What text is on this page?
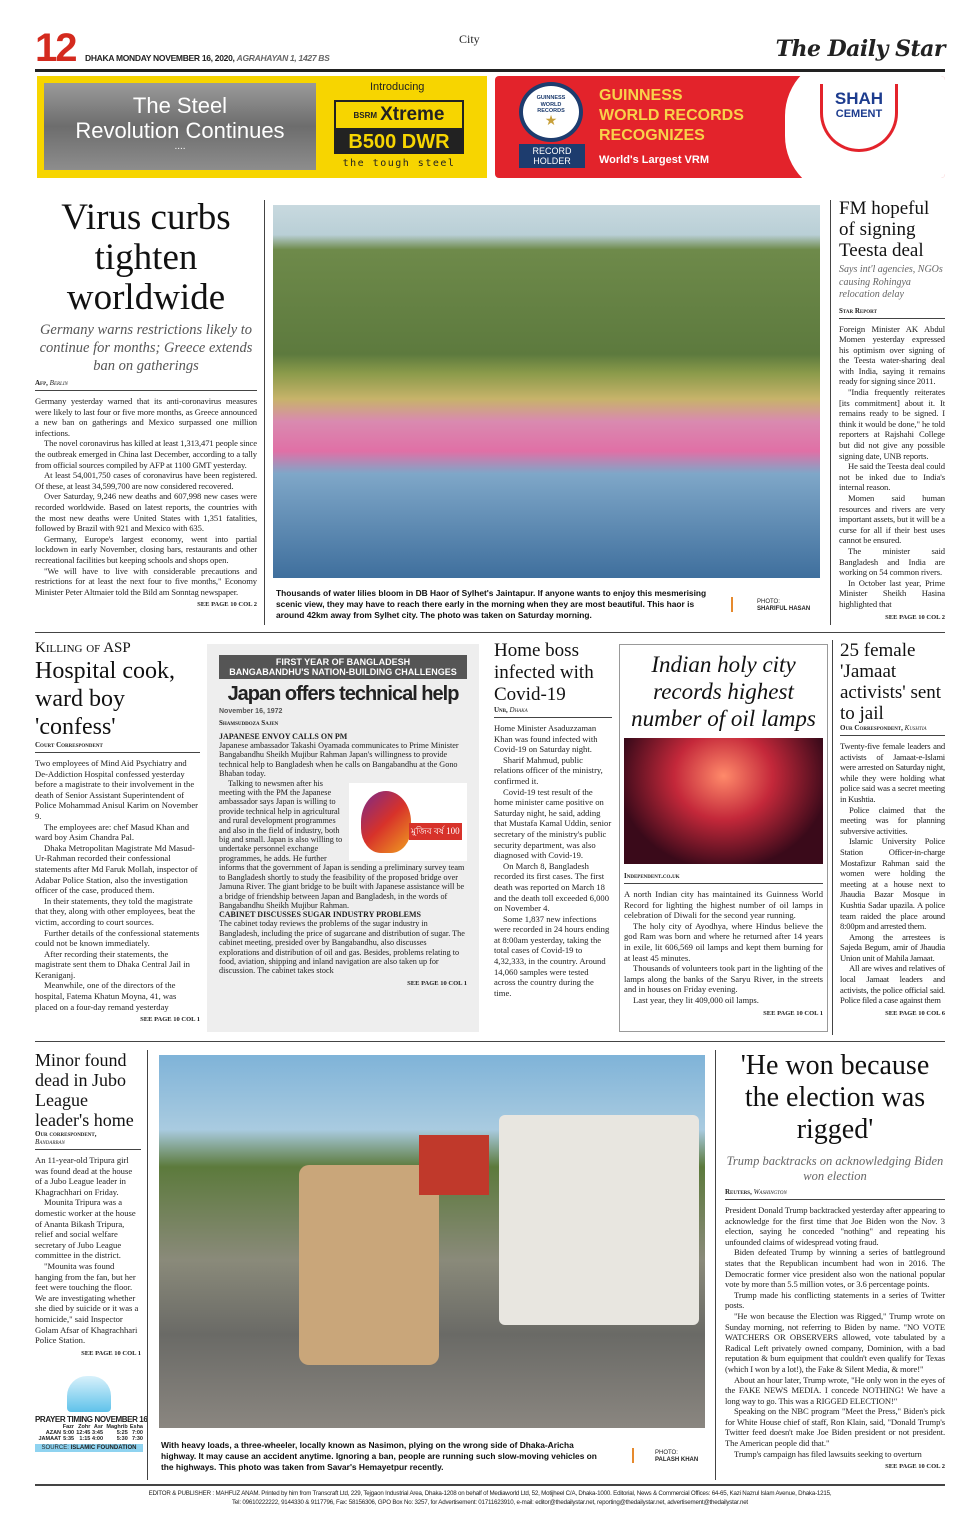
12 DHAKA MONDAY NOVEMBER 16, 2020, AGRAHAYAN 1, 1427 BS
City	The Daily Star
The Steel
Revolution Continues
....
Introducing
BSRM Xtreme
B500 DWR
the tough steel
GUINNESS WORLD RECORDS
★
RECORD
HOLDER
GUINNESS
WORLD RECORDS
RECOGNIZES
World's Largest VRM
SHAH
CEMENT
Virus curbs tighten worldwide
Germany warns restrictions likely to continue for months; Greece extends ban on gatherings
Afp, Berlin

Germany yesterday warned that its anti-coronavirus measures were likely to last four or five more months, as Greece announced a new ban on gatherings and Mexico surpassed one million infections.

The novel coronavirus has killed at least 1,313,471 people since the outbreak emerged in China last December, according to a tally from official sources compiled by AFP at 1100 GMT yesterday.

At least 54,001,750 cases of coronavirus have been registered. Of these, at least 34,599,700 are now considered recovered.

Over Saturday, 9,246 new deaths and 607,998 new cases were recorded worldwide. Based on latest reports, the countries with the most new deaths were United States with 1,351 fatalities, followed by Brazil with 921 and Mexico with 635.

Germany, Europe's largest economy, went into partial lockdown in early November, closing bars, restaurants and other recreational facilities but keeping schools and shops open.

"We will have to live with considerable precautions and restrictions for at least the next four to five months," Economy Minister Peter Altmaier told the Bild am Sonntag newspaper.

SEE PAGE 10 COL 2
Thousands of water lilies bloom in DB Haor of Sylhet's Jaintapur. If anyone wants to enjoy this mesmerising scenic view, they may have to reach there early in the morning when they are most beautiful. This haor is around 42km away from Sylhet city. The photo was taken on Saturday morning.
PHOTO:
SHARIFUL HASAN
FM hopeful of signing Teesta deal
Says int'l agencies, NGOs causing Rohingya relocation delay
Star Report

Foreign Minister AK Abdul Momen yesterday expressed his optimism over signing of the Teesta water-sharing deal with India, saying it remains ready for signing since 2011.

"India frequently reiterates [its commitment] about it. It remains ready to be signed. I think it would be done," he told reporters at Rajshahi College but did not give any possible signing date, UNB reports.

He said the Teesta deal could not be inked due to India's internal reason.

Momen said human resources and rivers are very important assets, but it will be a curse for all if their best uses cannot be ensured.

The minister said Bangladesh and India are working on 54 common rivers.

In October last year, Prime Minister Sheikh Hasina highlighted that

SEE PAGE 10 COL 2
Killing of ASP
Hospital cook, ward boy 'confess'
Court Correspondent

Two employees of Mind Aid Psychiatry and De-Addiction Hospital confessed yesterday before a magistrate to their involvement in the death of Senior Assistant Superintendent of Police Mohammad Anisul Karim on November 9.

The employees are: chef Masud Khan and ward boy Asim Chandra Pal.

Dhaka Metropolitan Magistrate Md Masud-Ur-Rahman recorded their confessional statements after Md Faruk Mollah, inspector of Adabar Police Station, also the investigation officer of the case, produced them.

In their statements, they told the magistrate that they, along with other employees, beat the victim, according to court sources.

Further details of the confessional statements could not be known immediately.

After recording their statements, the magistrate sent them to Dhaka Central Jail in Keraniganj.

Meanwhile, one of the directors of the hospital, Fatema Khatun Moyna, 41, was placed on a four-day remand yesterday

SEE PAGE 10 COL 1
FIRST YEAR OF BANGLADESH
BANGABANDHU'S NATION-BUILDING CHALLENGES
Japan offers technical help
November 16, 1972
Shamsuddoza Sajen
JAPANESE ENVOY CALLS ON PM

Japanese ambassador Takashi Oyamada communicates to Prime Minister Bangabandhu Sheikh Mujibur Rahman Japan's willingness to provide technical help to Bangladesh when he calls on Bangabandhu at the Gono Bhaban today.

মুজিব বর্ষ 100

Talking to newsmen after his meeting with the PM the Japanese ambassador says Japan is willing to provide technical help in agricultural and rural development programmes and also in the field of industry, both big and small. Japan is also willing to undertake personnel exchange programmes, he adds. He further informs that the government of Japan is sending a preliminary survey team to Bangladesh shortly to study the feasibility of the proposed bridge over Jamuna River. The giant bridge to be built with Japanese assistance will be a bridge of friendship between Japan and Bangladesh, in the words of Bangabandhu Sheikh Mujibur Rahman.

CABINET DISCUSSES SUGAR INDUSTRY PROBLEMS

The cabinet today reviews the problems of the sugar industry in Bangladesh, including the price of sugarcane and distribution of sugar. The cabinet meeting, presided over by Bangabandhu, also discusses explorations and distribution of oil and gas. Besides, problems relating to food, aviation, shipping and inland navigation are also taken up for discussion. The cabinet takes stock

SEE PAGE 10 COL 1
Home boss infected with Covid-19
Unb, Dhaka

Home Minister Asaduzzaman Khan was found infected with Covid-19 on Saturday night.

Sharif Mahmud, public relations officer of the ministry, confirmed it.

Covid-19 test result of the home minister came positive on Saturday night, he said, adding that Mustafa Kamal Uddin, senior secretary of the ministry's public security department, was also diagnosed with Covid-19.

On March 8, Bangladesh recorded its first cases. The first death was reported on March 18 and the death toll exceeded 6,000 on November 4.

Some 1,837 new infections were recorded in 24 hours ending at 8:00am yesterday, taking the total cases of Covid-19 to 4,32,333, in the country. Around 14,060 samples were tested across the country during the time.

Indian holy city records highest number of oil lamps
Independent.co.uk

A north Indian city has maintained its Guinness World Record for lighting the highest number of oil lamps in celebration of Diwali for the second year running.

The holy city of Ayodhya, where Hindus believe the god Ram was born and where he returned after 14 years in exile, lit 606,569 oil lamps and kept them burning for at least 45 minutes.

Thousands of volunteers took part in the lighting of the lamps along the banks of the Saryu River, in the streets and in houses on Friday evening.

Last year, they lit 409,000 oil lamps.

SEE PAGE 10 COL 1
25 female 'Jamaat activists' sent to jail
Our Correspondent, Kushtia

Twenty-five female leaders and activists of Jamaat-e-Islami were arrested on Saturday night, while they were holding what police said was a secret meeting in Kushtia.

Police claimed that the meeting was for planning subversive activities.

Islamic University Police Station Officer-in-charge Mostafizur Rahman said the women were holding the meeting at a house next to Jhaudia Bazar Mosque in Kushtia Sadar upazila. A police team raided the place around 8:00pm and arrested them.

Among the arrestees is Sajeda Begum, amir of Jhaudia Union unit of Mahila Jamaat.

All are wives and relatives of local Jamaat leaders and activists, the police official said. Police filed a case against them

SEE PAGE 10 COL 6
Minor found dead in Jubo League leader's home
Our correspondent,
Bandarban

An 11-year-old Tripura girl was found dead at the house of a Jubo League leader in Khagrachhari on Friday.

Mounita Tripura was a domestic worker at the house of Ananta Bikash Tripura, relief and social welfare secretary of Jubo League committee in the district.

"Mounita was found hanging from the fan, but her feet were touching the floor. We are investigating whether she died by suicide or it was a homicide," said Inspector Golam Afsar of Khagrachhari Police Station.

SEE PAGE 10 COL 1
PRAYER TIMING NOVEMBER 16
	Fazr	Zohr	Asr	Maghrib	Esha
AZAN	5:00	12:45	3:45	5:25	7:00
JAMAAT	5:35	1:15	4:00	5:30	7:30
SOURCE: ISLAMIC FOUNDATION	With heavy loads, a three-wheeler, locally known as Nasimon, plying on the wrong side of Dhaka-Aricha highway. It may cause an accident anytime. Ignoring a ban, people are running such slow-moving vehicles on the highways. This photo was taken from Savar's Hemayetpur recently.
PHOTO:
PALASH KHAN
'He won because the election was rigged'
Trump backtracks on acknowledging Biden won election
Reuters, Washington

President Donald Trump backtracked yesterday after appearing to acknowledge for the first time that Joe Biden won the Nov. 3 election, saying he conceded "nothing" and repeating his unfounded claims of widespread voting fraud.

Biden defeated Trump by winning a series of battleground states that the Republican incumbent had won in 2016. The Democratic former vice president also won the national popular vote by more than 5.5 million votes, or 3.6 percentage points.

Trump made his conflicting statements in a series of Twitter posts.

"He won because the Election was Rigged," Trump wrote on Sunday morning, not referring to Biden by name. "NO VOTE WATCHERS OR OBSERVERS allowed, vote tabulated by a Radical Left privately owned company, Dominion, with a bad reputation & bum equipment that couldn't even qualify for Texas (which I won by a lot!), the Fake & Silent Media, & more!"

About an hour later, Trump wrote, "He only won in the eyes of the FAKE NEWS MEDIA. I concede NOTHING! We have a long way to go. This was a RIGGED ELECTION!"

Speaking on the NBC program "Meet the Press," Biden's pick for White House chief of staff, Ron Klain, said, "Donald Trump's Twitter feed doesn't make Joe Biden president or not president. The American people did that."

Trump's campaign has filed lawsuits seeking to overturn

SEE PAGE 10 COL 2
EDITOR & PUBLISHER : MAHFUZ ANAM. Printed by him from Transcraft Ltd, 229, Tejgaon Industrial Area, Dhaka-1208 on behalf of Mediaworld Ltd, 52, Motijheel C/A, Dhaka-1000. Editorial, News & Commercial Offices: 64-65, Kazi Nazrul Islam Avenue, Dhaka-1215,
Tel: 09610222222, 9144330 & 9117796, Fax: 58156306, GPO Box No: 3257, for Advertisement: 01711623910, e-mail: editor@thedailystar.net, reporting@thedailystar.net, advertisement@thedailystar.net
